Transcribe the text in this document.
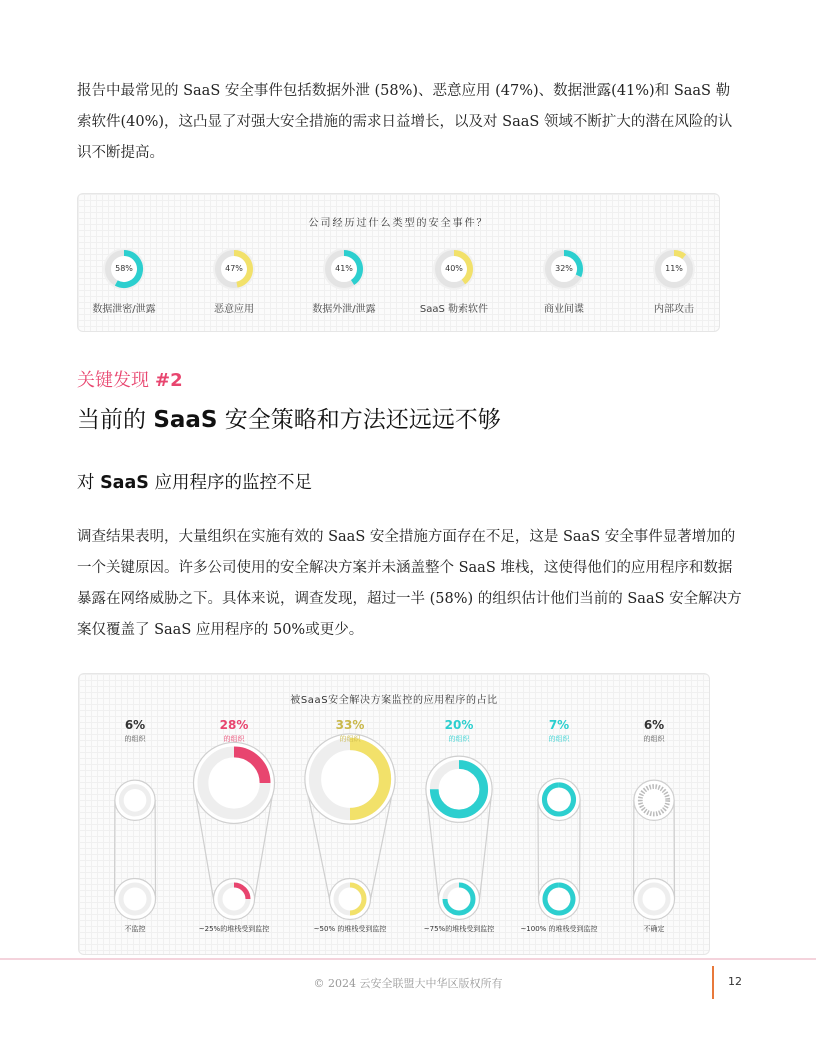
报告中最常见的 SaaS 安全事件包括数据外泄 (58%)、恶意应用 (47%)、数据泄露(41%)和 SaaS 勒索软件(40%)，这凸显了对强大安全措施的需求日益增长，以及对 SaaS 领域不断扩大的潜在风险的认识不断提高。

公司经历过什么类型的安全事件？
58%
数据泄密/泄露
47%
恶意应用
41%
数据外泄/泄露
40%
SaaS 勒索软件
32%
商业间谍
11%
内部攻击
关键发现 #2
当前的 SaaS 安全策略和方法还远远不够
对 SaaS 应用程序的监控不足

调查结果表明，大量组织在实施有效的 SaaS 安全措施方面存在不足，这是 SaaS 安全事件显著增加的一个关键原因。许多公司使用的安全解决方案并未涵盖整个 SaaS 堆栈，这使得他们的应用程序和数据暴露在网络威胁之下。具体来说，调查发现，超过一半 (58%) 的组织估计他们当前的 SaaS 安全解决方案仅覆盖了 SaaS 应用程序的 50%或更少。

被SaaS安全解决方案监控的应用程序的占比
6%
的组织
不监控
28%
的组织
~25%的堆栈受到监控
33%
的组织
~50% 的堆栈受到监控
20%
的组织
~75%的堆栈受到监控
7%
的组织
~100% 的堆栈受到监控
6%
的组织
不确定
© 2024 云安全联盟大中华区版权所有	12
